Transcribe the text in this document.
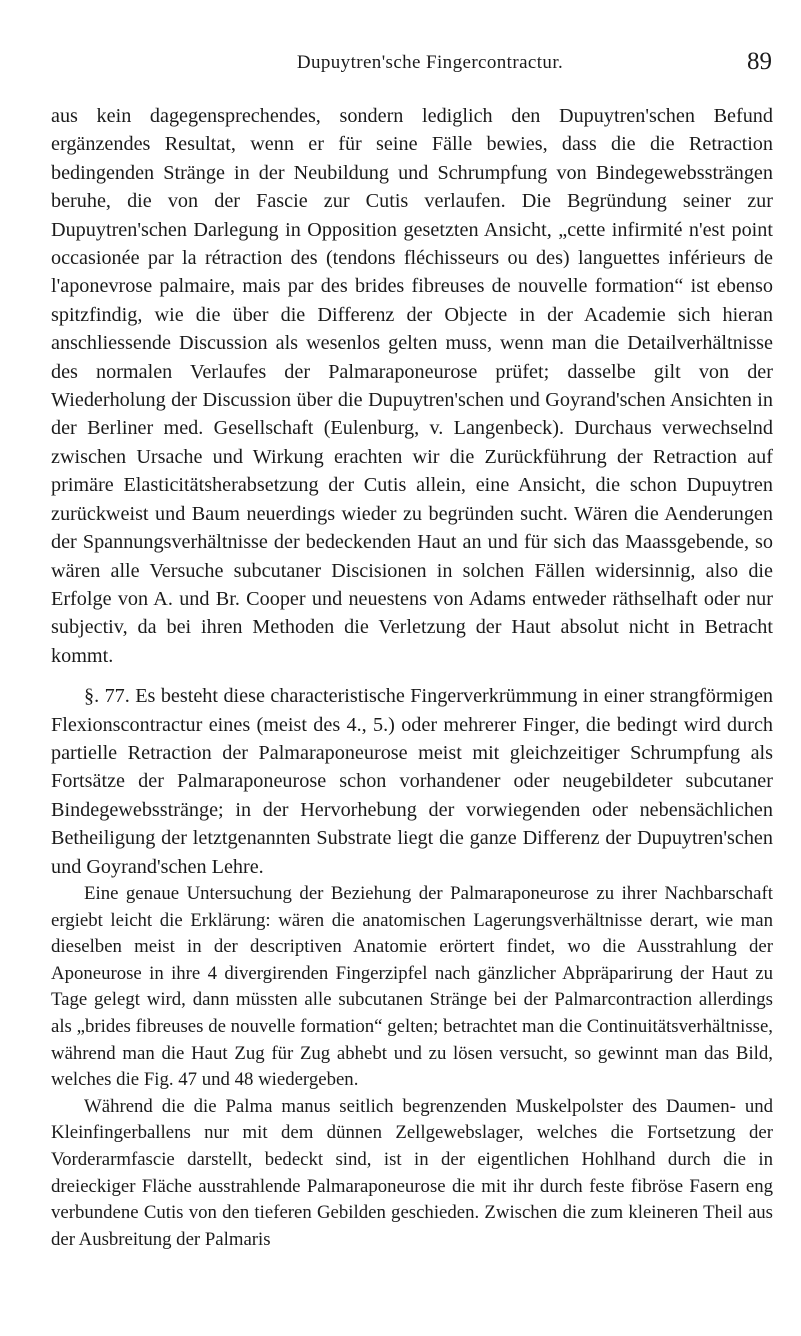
Dupuytren'sche Fingercontractur.	89

aus kein dagegensprechendes, sondern lediglich den Dupuytren'schen Befund ergänzendes Resultat, wenn er für seine Fälle bewies, dass die die Retraction bedingenden Stränge in der Neubildung und Schrumpfung von Bindegewebssträngen beruhe, die von der Fascie zur Cutis verlaufen. Die Begründung seiner zur Dupuytren'schen Darlegung in Opposition gesetzten Ansicht, „cette infirmité n'est point occasionée par la rétraction des (tendons fléchisseurs ou des) languettes inférieurs de l'aponevrose palmaire, mais par des brides fibreuses de nouvelle formation“ ist ebenso spitzfindig, wie die über die Differenz der Objecte in der Academie sich hieran anschliessende Discussion als wesenlos gelten muss, wenn man die Detailverhältnisse des normalen Verlaufes der Palmaraponeurose prüfet; dasselbe gilt von der Wiederholung der Discussion über die Dupuytren'schen und Goyrand'schen Ansichten in der Berliner med. Gesellschaft (Eulenburg, v. Langenbeck). Durchaus verwechselnd zwischen Ursache und Wirkung erachten wir die Zurückführung der Retraction auf primäre Elasticitätsherabsetzung der Cutis allein, eine Ansicht, die schon Dupuytren zurückweist und Baum neuerdings wieder zu begründen sucht. Wären die Aenderungen der Spannungsverhältnisse der bedeckenden Haut an und für sich das Maassgebende, so wären alle Versuche subcutaner Discisionen in solchen Fällen widersinnig, also die Erfolge von A. und Br. Cooper und neuestens von Adams entweder räthselhaft oder nur subjectiv, da bei ihren Methoden die Verletzung der Haut absolut nicht in Betracht kommt.

§. 77. Es besteht diese characteristische Fingerverkrümmung in einer strangförmigen Flexionscontractur eines (meist des 4., 5.) oder mehrerer Finger, die bedingt wird durch partielle Retraction der Palmaraponeurose meist mit gleichzeitiger Schrumpfung als Fortsätze der Palmaraponeurose schon vorhandener oder neugebildeter subcutaner Bindegewebsstränge; in der Hervorhebung der vorwiegenden oder nebensächlichen Betheiligung der letztgenannten Substrate liegt die ganze Differenz der Dupuytren'schen und Goyrand'schen Lehre.

Eine genaue Untersuchung der Beziehung der Palmaraponeurose zu ihrer Nachbarschaft ergiebt leicht die Erklärung: wären die anatomischen Lagerungsverhältnisse derart, wie man dieselben meist in der descriptiven Anatomie erörtert findet, wo die Ausstrahlung der Aponeurose in ihre 4 divergirenden Fingerzipfel nach gänzlicher Abpräparirung der Haut zu Tage gelegt wird, dann müssten alle subcutanen Stränge bei der Palmarcontraction allerdings als „brides fibreuses de nouvelle formation“ gelten; betrachtet man die Continuitätsverhältnisse, während man die Haut Zug für Zug abhebt und zu lösen versucht, so gewinnt man das Bild, welches die Fig. 47 und 48 wiedergeben.

Während die die Palma manus seitlich begrenzenden Muskelpolster des Daumen- und Kleinfingerballens nur mit dem dünnen Zellgewebslager, welches die Fortsetzung der Vorderarmfascie darstellt, bedeckt sind, ist in der eigentlichen Hohlhand durch die in dreieckiger Fläche ausstrahlende Palmaraponeurose die mit ihr durch feste fibröse Fasern eng verbundene Cutis von den tieferen Gebilden geschieden. Zwischen die zum kleineren Theil aus der Ausbreitung der Palmaris
